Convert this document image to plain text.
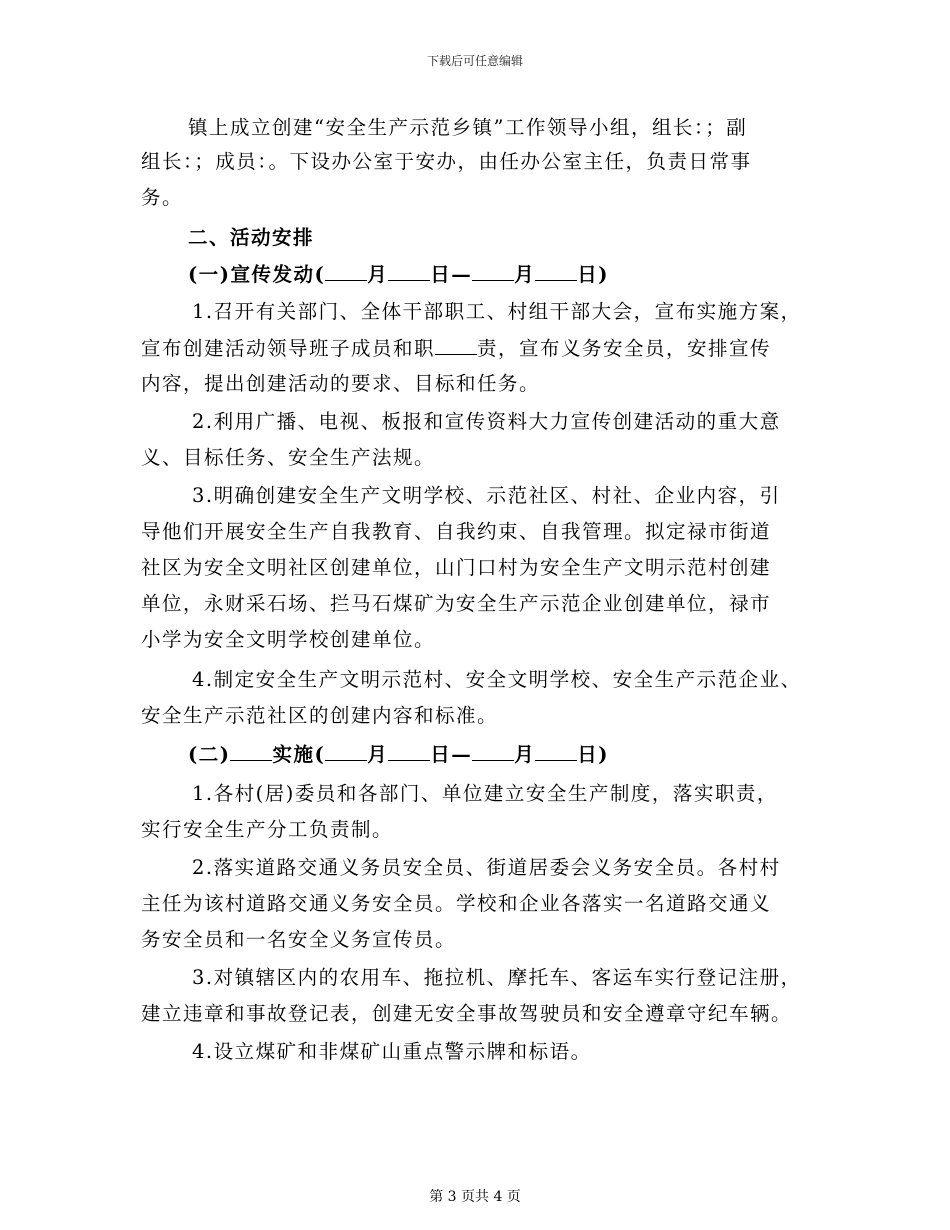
下载后可任意编辑
镇上成立创建“安全生产示范乡镇”工作领导小组，组长：；副
组长：；成员：。下设办公室于安办，由任办公室主任，负责日常事
务。
二、活动安排
(一)宣传发动( 月 日— 月 日)
1.召开有关部门、全体干部职工、村组干部大会，宣布实施方案，
宣布创建活动领导班子成员和职 责，宣布义务安全员，安排宣传
内容，提出创建活动的要求、目标和任务。
2.利用广播、电视、板报和宣传资料大力宣传创建活动的重大意
义、目标任务、安全生产法规。
3.明确创建安全生产文明学校、示范社区、村社、企业内容，引
导他们开展安全生产自我教育、自我约束、自我管理。拟定禄市街道
社区为安全文明社区创建单位，山门口村为安全生产文明示范村创建
单位，永财采石场、拦马石煤矿为安全生产示范企业创建单位，禄市
小学为安全文明学校创建单位。
4.制定安全生产文明示范村、安全文明学校、安全生产示范企业、
安全生产示范社区的创建内容和标准。
(二) 实施( 月 日— 月 日)
1.各村(居)委员和各部门、单位建立安全生产制度，落实职责，
实行安全生产分工负责制。
2.落实道路交通义务员安全员、街道居委会义务安全员。各村村
主任为该村道路交通义务安全员。学校和企业各落实一名道路交通义
务安全员和一名安全义务宣传员。
3.对镇辖区内的农用车、拖拉机、摩托车、客运车实行登记注册，
建立违章和事故登记表，创建无安全事故驾驶员和安全遵章守纪车辆。
4.设立煤矿和非煤矿山重点警示牌和标语。
第 3 页共 4 页
